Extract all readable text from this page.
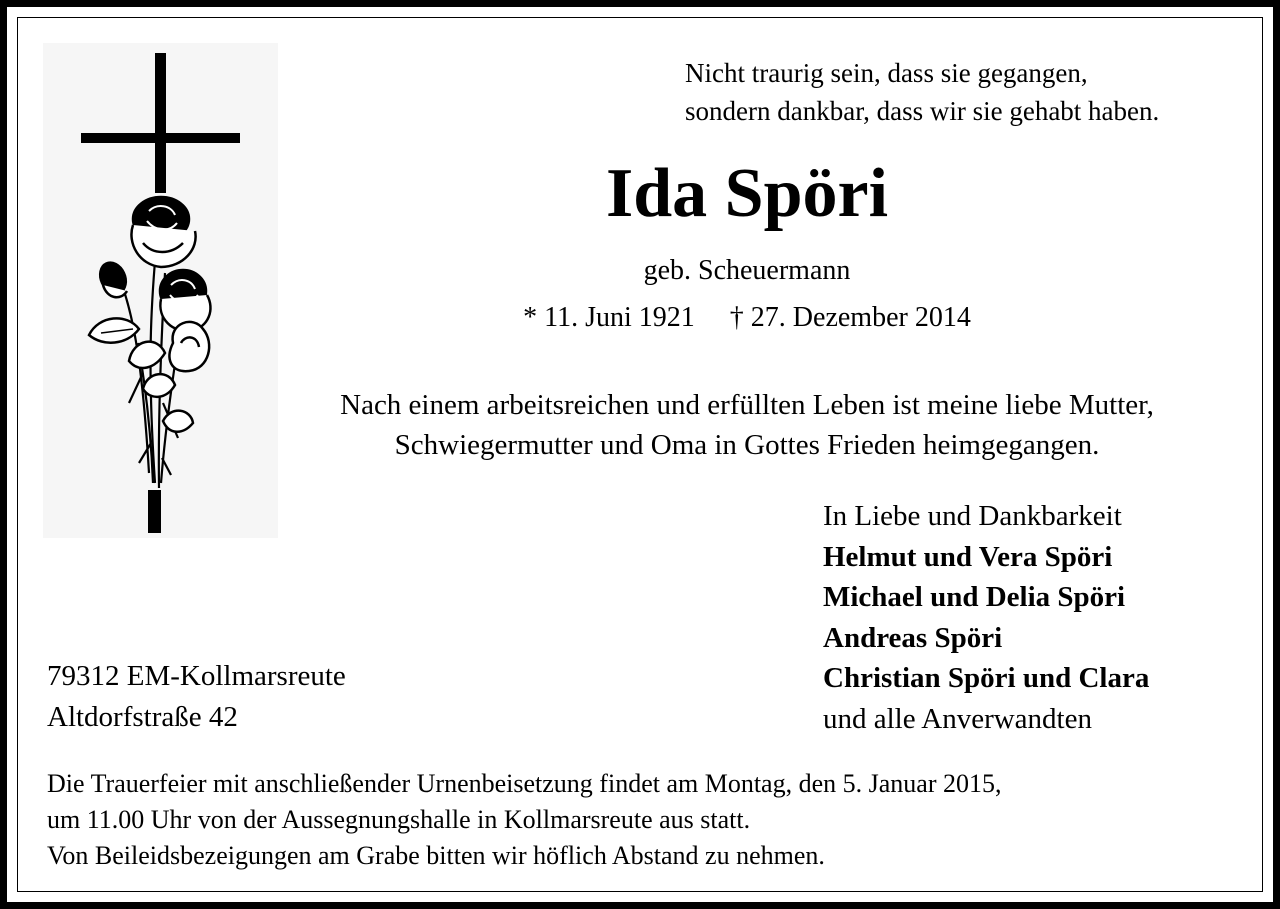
Nicht traurig sein, dass sie gegangen,
sondern dankbar, dass wir sie gehabt haben.
Ida Spöri
geb. Scheuermann
* 11. Juni 1921 † 27. Dezember 2014
Nach einem arbeitsreichen und erfüllten Leben ist meine liebe Mutter,
Schwiegermutter und Oma in Gottes Frieden heimgegangen.
In Liebe und Dankbarkeit
Helmut und Vera Spöri
Michael und Delia Spöri
Andreas Spöri
Christian Spöri und Clara
und alle Anverwandten
79312 EM-Kollmarsreute
Altdorfstraße 42
Die Trauerfeier mit anschließender Urnenbeisetzung findet am Montag, den 5. Januar 2015,
um 11.00 Uhr von der Aussegnungshalle in Kollmarsreute aus statt.
Von Beileidsbezeigungen am Grabe bitten wir höflich Abstand zu nehmen.
